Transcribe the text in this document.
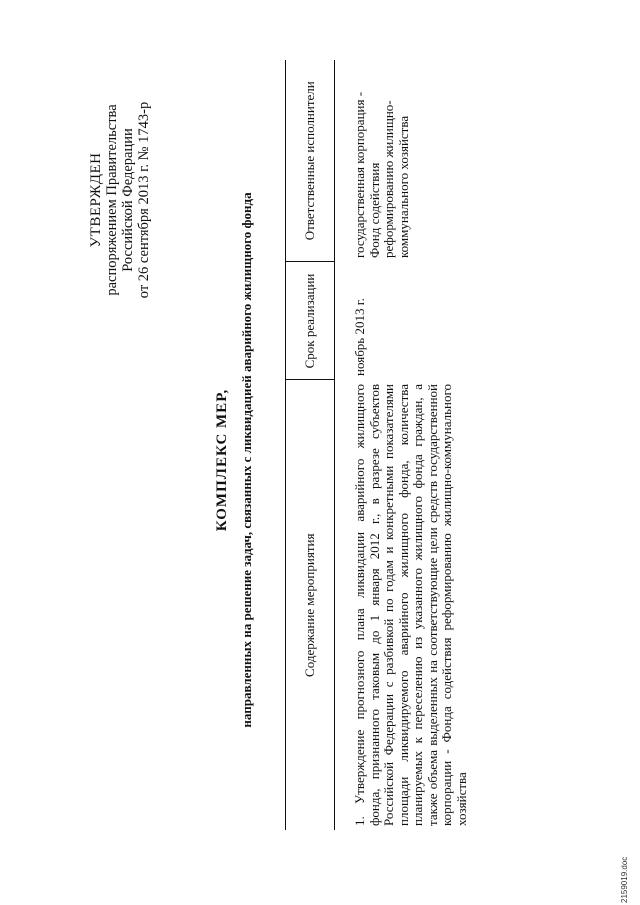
УТВЕРЖДЕН распоряжением Правительства Российской Федерации от 26 сентября 2013 г. № 1743-р
КОМПЛЕКС МЕР, направленных на решение задач, связанных с ликвидацией аварийного жилищного фонда	Содержание мероприятия	Срок реализации	Ответственные исполнители
1.Утверждение прогнозного плана ликвидации аварийного жилищного фонда, признанного таковым до 1 января 2012 г., в разрезе субъектов Российской Федерации с разбивкой по годам и конкретными показателями площади ликвидируемого аварийного жилищного фонда, количества планируемых к переселению из указанного жилищного фонда граждан, а также объема выделенных на соответствующие цели средств государственной корпорации - Фонда содействия реформированию жилищно-коммунального хозяйства	ноябрь 2013 г.	государственная корпорация - Фонд содействия реформированию жилищно-коммунального хозяйства
2159019.doc
